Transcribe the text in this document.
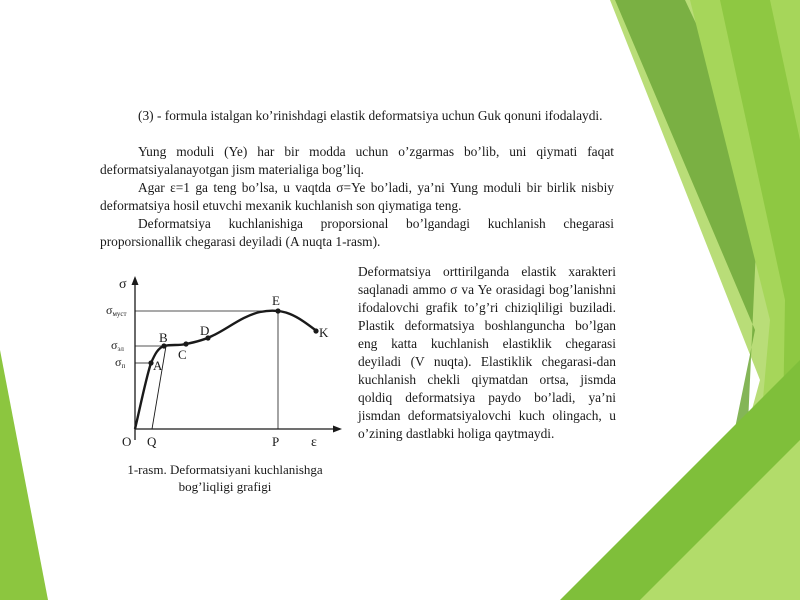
(3) - formula istalgan ko’rinishdagi elastik deformatsiya uchun Guk qonuni ifodalaydi.

Yung moduli (Ye) har bir modda uchun o’zgarmas bo’lib, uni qiymati faqat deformatsiyalanayotgan jism materialiga bog’liq.

Agar ε=1 ga teng bo’lsa, u vaqtda σ=Ye bo’ladi, ya’ni Yung moduli bir birlik nisbiy deformatsiya hosil etuvchi mexanik kuchlanish son qiymatiga teng.

Deformatsiya kuchlanishiga proporsional bo’lgandagi kuchlanish chegarasi proporsionallik chegarasi deyiladi (A nuqta 1-rasm).

A
B
C
D
E
K
σ
ε
O Q	P
σмуст
σэл
σп

1-rasm. Deformatsiyani kuchlanishga bog’liqligi grafigi

Deformatsiya orttirilganda elastik xarakteri saqlanadi ammo σ va Ye orasidagi bog’lanishni ifodalovchi grafik to’g’ri chiziqliligi buziladi. Plastik deformatsiya boshlanguncha bo’lgan eng katta kuchlanish elastiklik chegarasi deyiladi (V nuqta). Elastiklik chegarasi-dan kuchlanish chekli qiymatdan ortsa, jismda qoldiq deformatsiya paydo bo’ladi, ya’ni jismdan deformatsiyalovchi kuch olingach, u o’zining dastlabki holiga qaytmaydi.
